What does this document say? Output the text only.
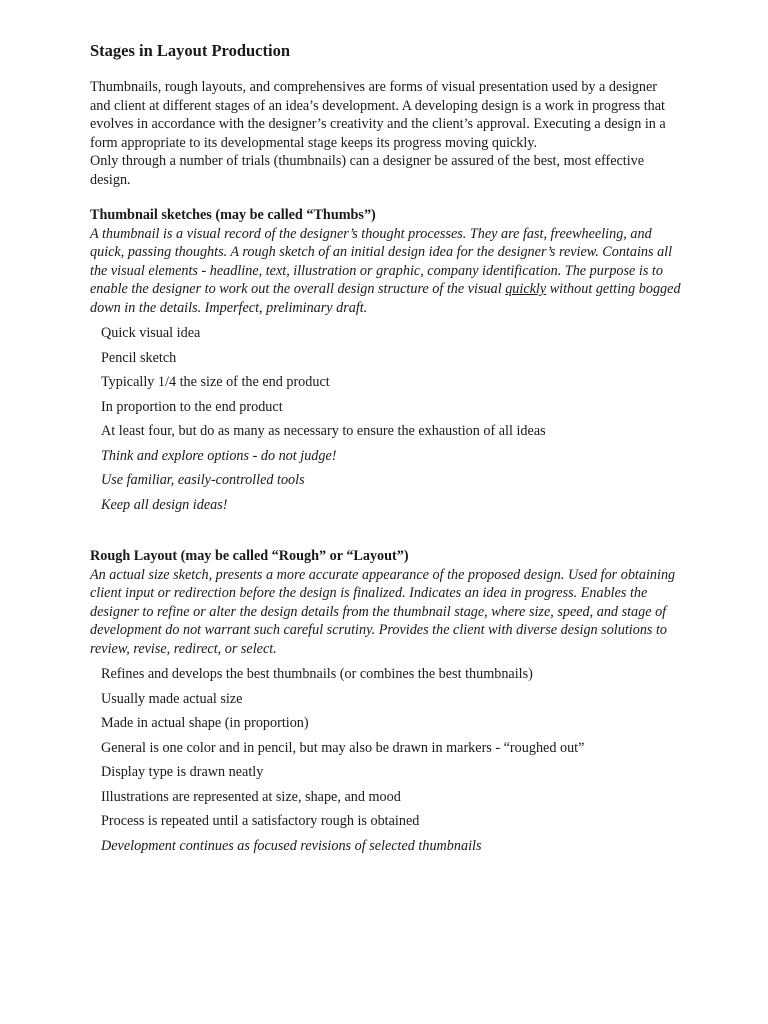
Stages in Layout Production
Thumbnails, rough layouts, and comprehensives are forms of visual presentation used by a designer
and client at different stages of an idea’s development. A developing design is a work in progress that
evolves in accordance with the designer’s creativity and the client’s approval. Executing a design in a
form appropriate to its developmental stage keeps its progress moving quickly.
Only through a number of trials (thumbnails) can a designer be assured of the best, most effective
design.
Thumbnail sketches (may be called “Thumbs”)
A thumbnail is a visual record of the designer’s thought processes. They are fast, freewheeling, and
quick, passing thoughts. A rough sketch of an initial design idea for the designer’s review. Contains all
the visual elements - headline, text, illustration or graphic, company identification. The purpose is to
enable the designer to work out the overall design structure of the visual quickly without getting bogged
down in the details. Imperfect, preliminary draft.
Quick visual idea
Pencil sketch
Typically 1/4 the size of the end product
In proportion to the end product
At least four, but do as many as necessary to ensure the exhaustion of all ideas
Think and explore options - do not judge!
Use familiar, easily-controlled tools
Keep all design ideas!
Rough Layout (may be called “Rough” or “Layout”)
An actual size sketch, presents a more accurate appearance of the proposed design. Used for obtaining
client input or redirection before the design is finalized. Indicates an idea in progress. Enables the
designer to refine or alter the design details from the thumbnail stage, where size, speed, and stage of
development do not warrant such careful scrutiny. Provides the client with diverse design solutions to
review, revise, redirect, or select.
Refines and develops the best thumbnails (or combines the best thumbnails)
Usually made actual size
Made in actual shape (in proportion)
General is one color and in pencil, but may also be drawn in markers - “roughed out”
Display type is drawn neatly
Illustrations are represented at size, shape, and mood
Process is repeated until a satisfactory rough is obtained
Development continues as focused revisions of selected thumbnails
